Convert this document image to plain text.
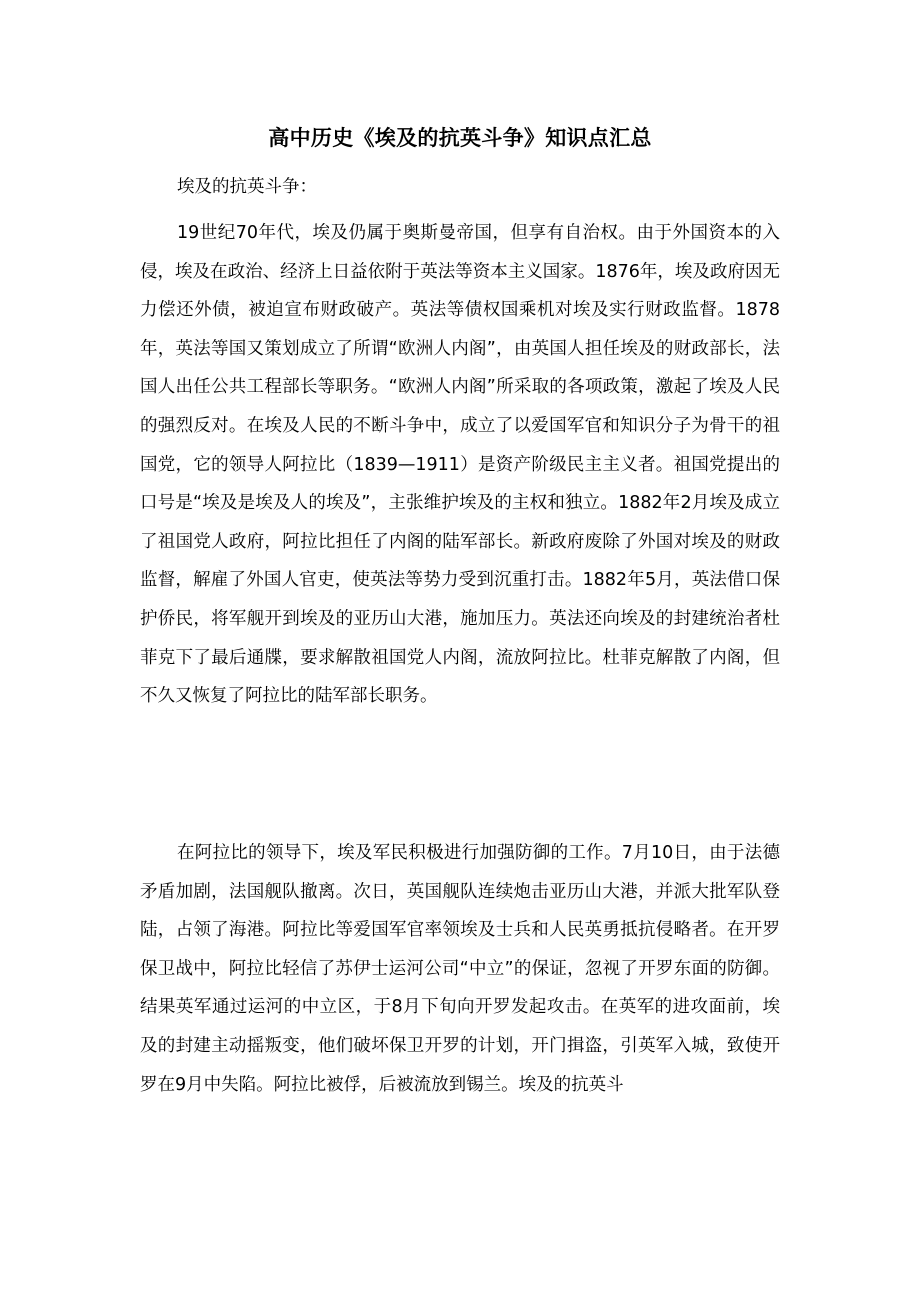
高中历史《埃及的抗英斗争》知识点汇总

埃及的抗英斗争：

19世纪70年代，埃及仍属于奥斯曼帝国，但享有自治权。由于外国资本的入侵，埃及在政治、经济上日益依附于英法等资本主义国家。1876年，埃及政府因无力偿还外债，被迫宣布财政破产。英法等债权国乘机对埃及实行财政监督。1878年，英法等国又策划成立了所谓“欧洲人内阁”，由英国人担任埃及的财政部长，法国人出任公共工程部长等职务。“欧洲人内阁”所采取的各项政策，激起了埃及人民的强烈反对。在埃及人民的不断斗争中，成立了以爱国军官和知识分子为骨干的祖国党，它的领导人阿拉比（1839—1911）是资产阶级民主主义者。祖国党提出的口号是“埃及是埃及人的埃及”，主张维护埃及的主权和独立。1882年2月埃及成立了祖国党人政府，阿拉比担任了内阁的陆军部长。新政府废除了外国对埃及的财政监督，解雇了外国人官吏，使英法等势力受到沉重打击。1882年5月，英法借口保护侨民，将军舰开到埃及的亚历山大港，施加压力。英法还向埃及的封建统治者杜菲克下了最后通牒，要求解散祖国党人内阁，流放阿拉比。杜菲克解散了内阁，但不久又恢复了阿拉比的陆军部长职务。

在阿拉比的领导下，埃及军民积极进行加强防御的工作。7月10日，由于法德矛盾加剧，法国舰队撤离。次日，英国舰队连续炮击亚历山大港，并派大批军队登陆，占领了海港。阿拉比等爱国军官率领埃及士兵和人民英勇抵抗侵略者。在开罗保卫战中，阿拉比轻信了苏伊士运河公司“中立”的保证，忽视了开罗东面的防御。结果英军通过运河的中立区，于8月下旬向开罗发起攻击。在英军的进攻面前，埃及的封建主动摇叛变，他们破坏保卫开罗的计划，开门揖盗，引英军入城，致使开罗在9月中失陷。阿拉比被俘，后被流放到锡兰。埃及的抗英斗
